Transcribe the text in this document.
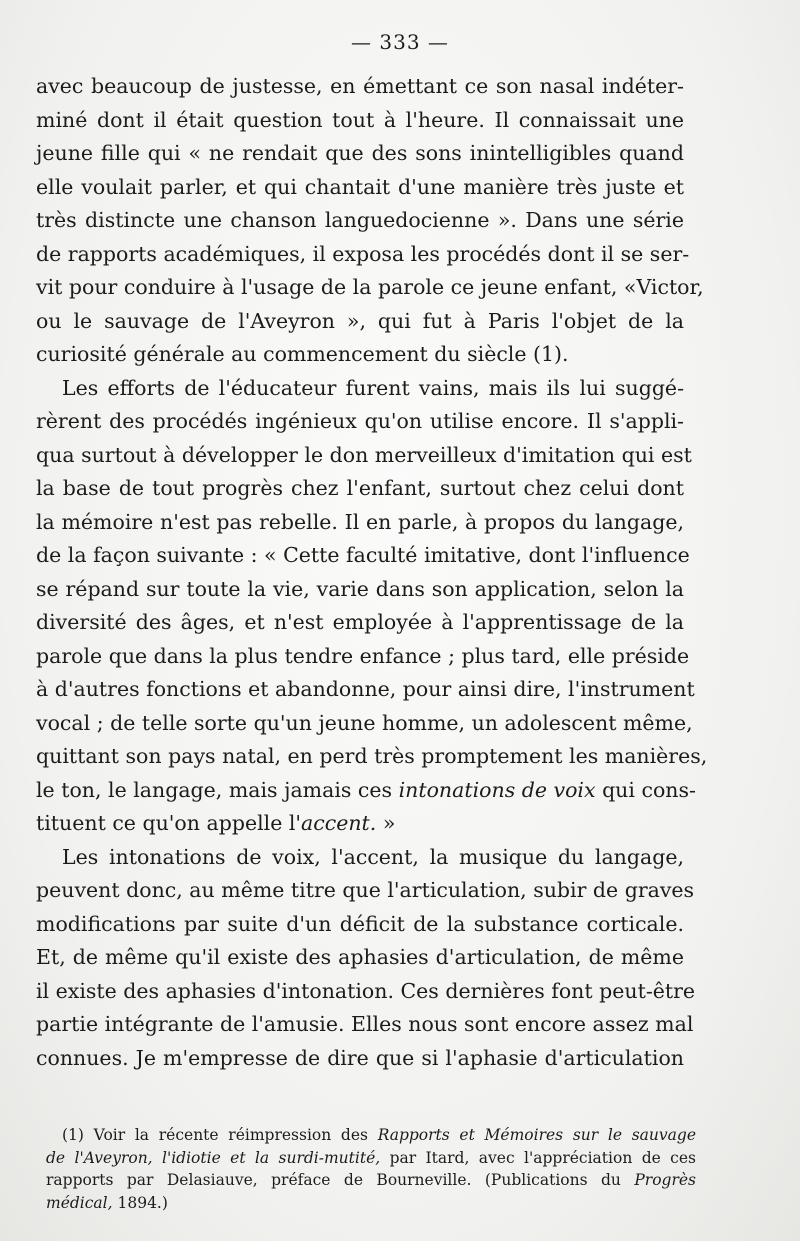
— 333 —
avec beaucoup de justesse, en émettant ce son nasal indéter-
miné dont il était question tout à l'heure. Il connaissait une
jeune fille qui « ne rendait que des sons inintelligibles quand
elle voulait parler, et qui chantait d'une manière très juste et
très distincte une chanson languedocienne ». Dans une série
de rapports académiques, il exposa les procédés dont il se ser-
vit pour conduire à l'usage de la parole ce jeune enfant, «Victor,
ou le sauvage de l'Aveyron », qui fut à Paris l'objet de la
curiosité générale au commencement du siècle (1).
Les efforts de l'éducateur furent vains, mais ils lui suggé-
rèrent des procédés ingénieux qu'on utilise encore. Il s'appli-
qua surtout à développer le don merveilleux d'imitation qui est
la base de tout progrès chez l'enfant, surtout chez celui dont
la mémoire n'est pas rebelle. Il en parle, à propos du langage,
de la façon suivante : « Cette faculté imitative, dont l'influence
se répand sur toute la vie, varie dans son application, selon la
diversité des âges, et n'est employée à l'apprentissage de la
parole que dans la plus tendre enfance ; plus tard, elle préside
à d'autres fonctions et abandonne, pour ainsi dire, l'instrument
vocal ; de telle sorte qu'un jeune homme, un adolescent même,
quittant son pays natal, en perd très promptement les manières,
le ton, le langage, mais jamais ces intonations de voix qui cons-
tituent ce qu'on appelle l'accent. »
Les intonations de voix, l'accent, la musique du langage,
peuvent donc, au même titre que l'articulation, subir de graves
modifications par suite d'un déficit de la substance corticale.
Et, de même qu'il existe des aphasies d'articulation, de même
il existe des aphasies d'intonation. Ces dernières font peut-être
partie intégrante de l'amusie. Elles nous sont encore assez mal
connues. Je m'empresse de dire que si l'aphasie d'articulation
(1) Voir la récente réimpression des Rapports et Mémoires sur le sauvage
de l'Aveyron, l'idiotie et la surdi-mutité, par Itard, avec l'appréciation de ces
rapports par Delasiauve, préface de Bourneville. (Publications du Progrès
médical, 1894.)
